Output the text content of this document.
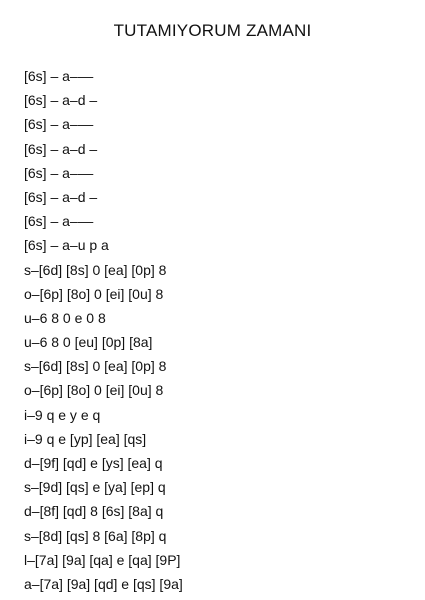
TUTAMIYORUM ZAMANI
[6s] – a–––
[6s] – a–d –
[6s] – a–––
[6s] – a–d –
[6s] – a–––
[6s] – a–d –
[6s] – a–––
[6s] – a–u p a
s–[6d] [8s] 0 [ea] [0p] 8
o–[6p] [8o] 0 [ei] [0u] 8
u–6 8 0 e 0 8
u–6 8 0 [eu] [0p] [8a]
s–[6d] [8s] 0 [ea] [0p] 8
o–[6p] [8o] 0 [ei] [0u] 8
i–9 q e y e q
i–9 q e [yp] [ea] [qs]
d–[9f] [qd] e [ys] [ea] q
s–[9d] [qs] e [ya] [ep] q
d–[8f] [qd] 8 [6s] [8a] q
s–[8d] [qs] 8 [6a] [8p] q
l–[7a] [9a] [qa] e [qa] [9P]
a–[7a] [9a] [qd] e [qs] [9a]
